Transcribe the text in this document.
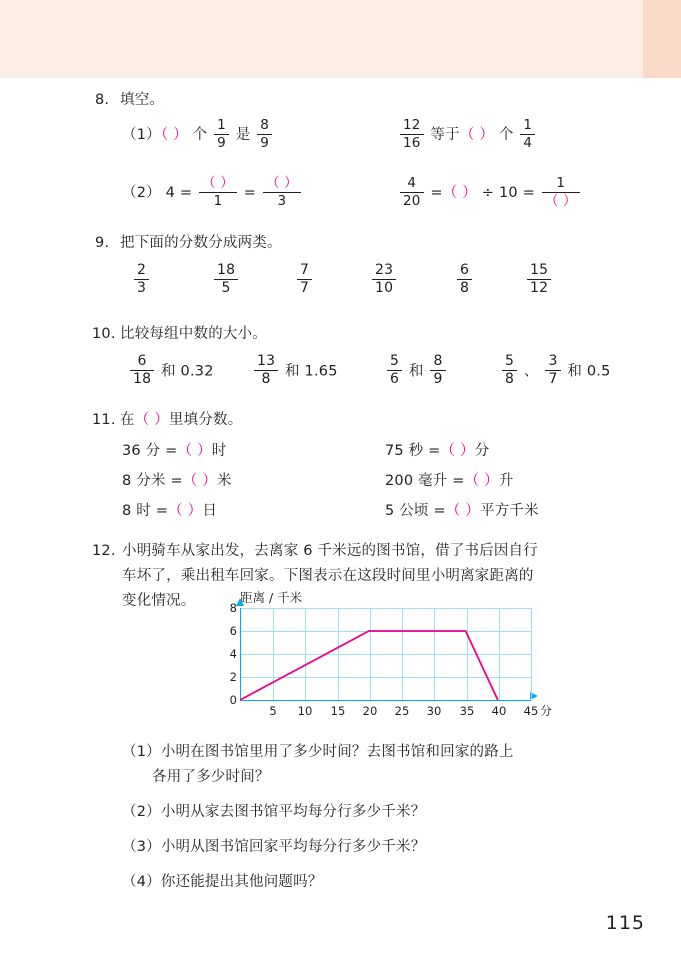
8. 填空。
（1）（ ） 个 $\frac{1}{9}$ 是 $\frac{8}{9}$	$\frac{12}{16}$ 等于（ ） 个 $\frac{1}{4}$
（2） $4 = \frac{( )}{1} = \frac{( )}{3}$	$\frac{4}{20}$ =（ ） ÷ $10 = \frac{1}{( )}$
9. 把下面的分数分成两类。
$\frac{2}{3}$	$\frac{18}{5}$	$\frac{7}{7}$	$\frac{23}{10}$	$\frac{6}{8}$	$\frac{15}{12}$
10. 比较每组中数的大小。
$\frac{6}{18}$ 和 0.32	$\frac{13}{8}$ 和 1.65	$\frac{5}{6}$ 和 $\frac{8}{9}$	$\frac{5}{8}$ 、 $\frac{3}{7}$ 和 0.5
11. 在（ ）里填分数。
36 分 =（ ）时	75 秒 =（ ）分
8 分米 =（ ）米	200 毫升 =（ ）升
8 时 =（ ）日	5 公顷 =（ ）平方千米
12. 小明骑车从家出发，去离家 6 千米远的图书馆，借了书后因自行
车坏了，乘出租车回家。下图表示在这段时间里小明离家距离的
变化情况。	距离 / 千米
0
2
4
6
8
5 10 15 20 25 30 35 40 45 分
（1）小明在图书馆里用了多少时间？去图书馆和回家的路上
各用了多少时间？
（2）小明从家去图书馆平均每分行多少千米？
（3）小明从图书馆回家平均每分行多少千米？
（4）你还能提出其他问题吗？
115
